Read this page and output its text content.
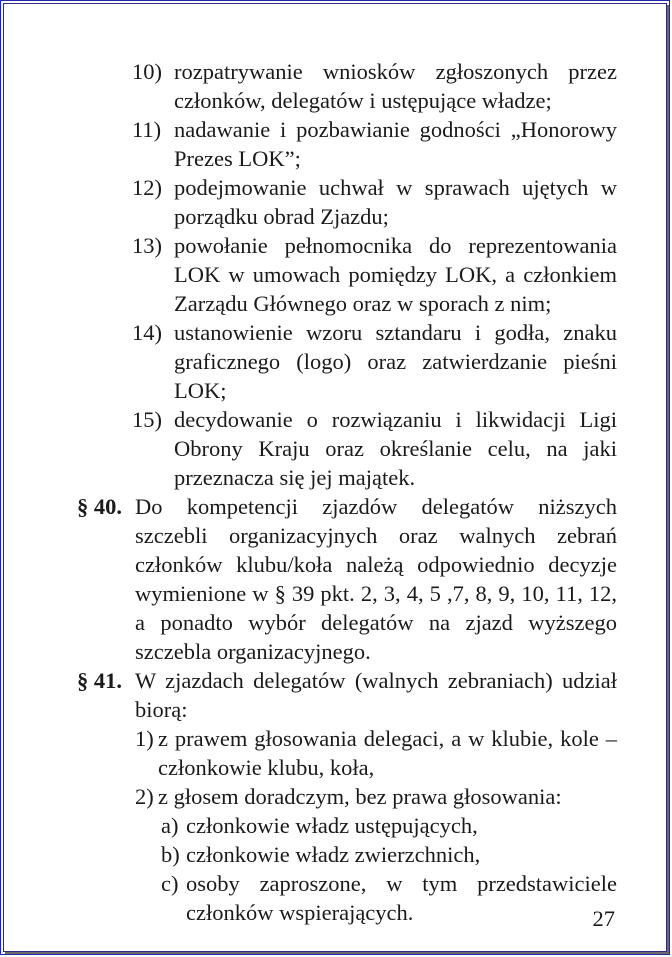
10) rozpatrywanie wniosków zgłoszonych przez członków, delegatów i ustępujące władze;
11) nadawanie i pozbawianie godności „Honorowy Prezes LOK”;
12) podejmowanie uchwał w sprawach ujętych w porządku obrad Zjazdu;
13) powołanie pełnomocnika do reprezentowania LOK w umowach pomiędzy LOK, a członkiem Zarządu Głównego oraz w sporach z nim;
14) ustanowienie wzoru sztandaru i godła, znaku graficznego (logo) oraz zatwierdzanie pieśni LOK;
15) decydowanie o rozwiązaniu i likwidacji Ligi Obrony Kraju oraz określanie celu, na jaki przeznacza się jej majątek.
§ 40. Do kompetencji zjazdów delegatów niższych szczebli organizacyjnych oraz walnych zebrań członków klubu/koła należą odpowiednio decyzje wymienione w § 39 pkt. 2, 3, 4, 5 ,7, 8, 9, 10, 11, 12, a ponadto wybór delegatów na zjazd wyższego szczebla organizacyjnego.
§ 41. W zjazdach delegatów (walnych zebraniach) udział biorą:
1) z prawem głosowania delegaci, a w klubie, kole – członkowie klubu, koła,
2) z głosem doradczym, bez prawa głosowania:
a) członkowie władz ustępujących,
b) członkowie władz zwierzchnich,
c) osoby zaproszone, w tym przedstawiciele członków wspierających.	27
